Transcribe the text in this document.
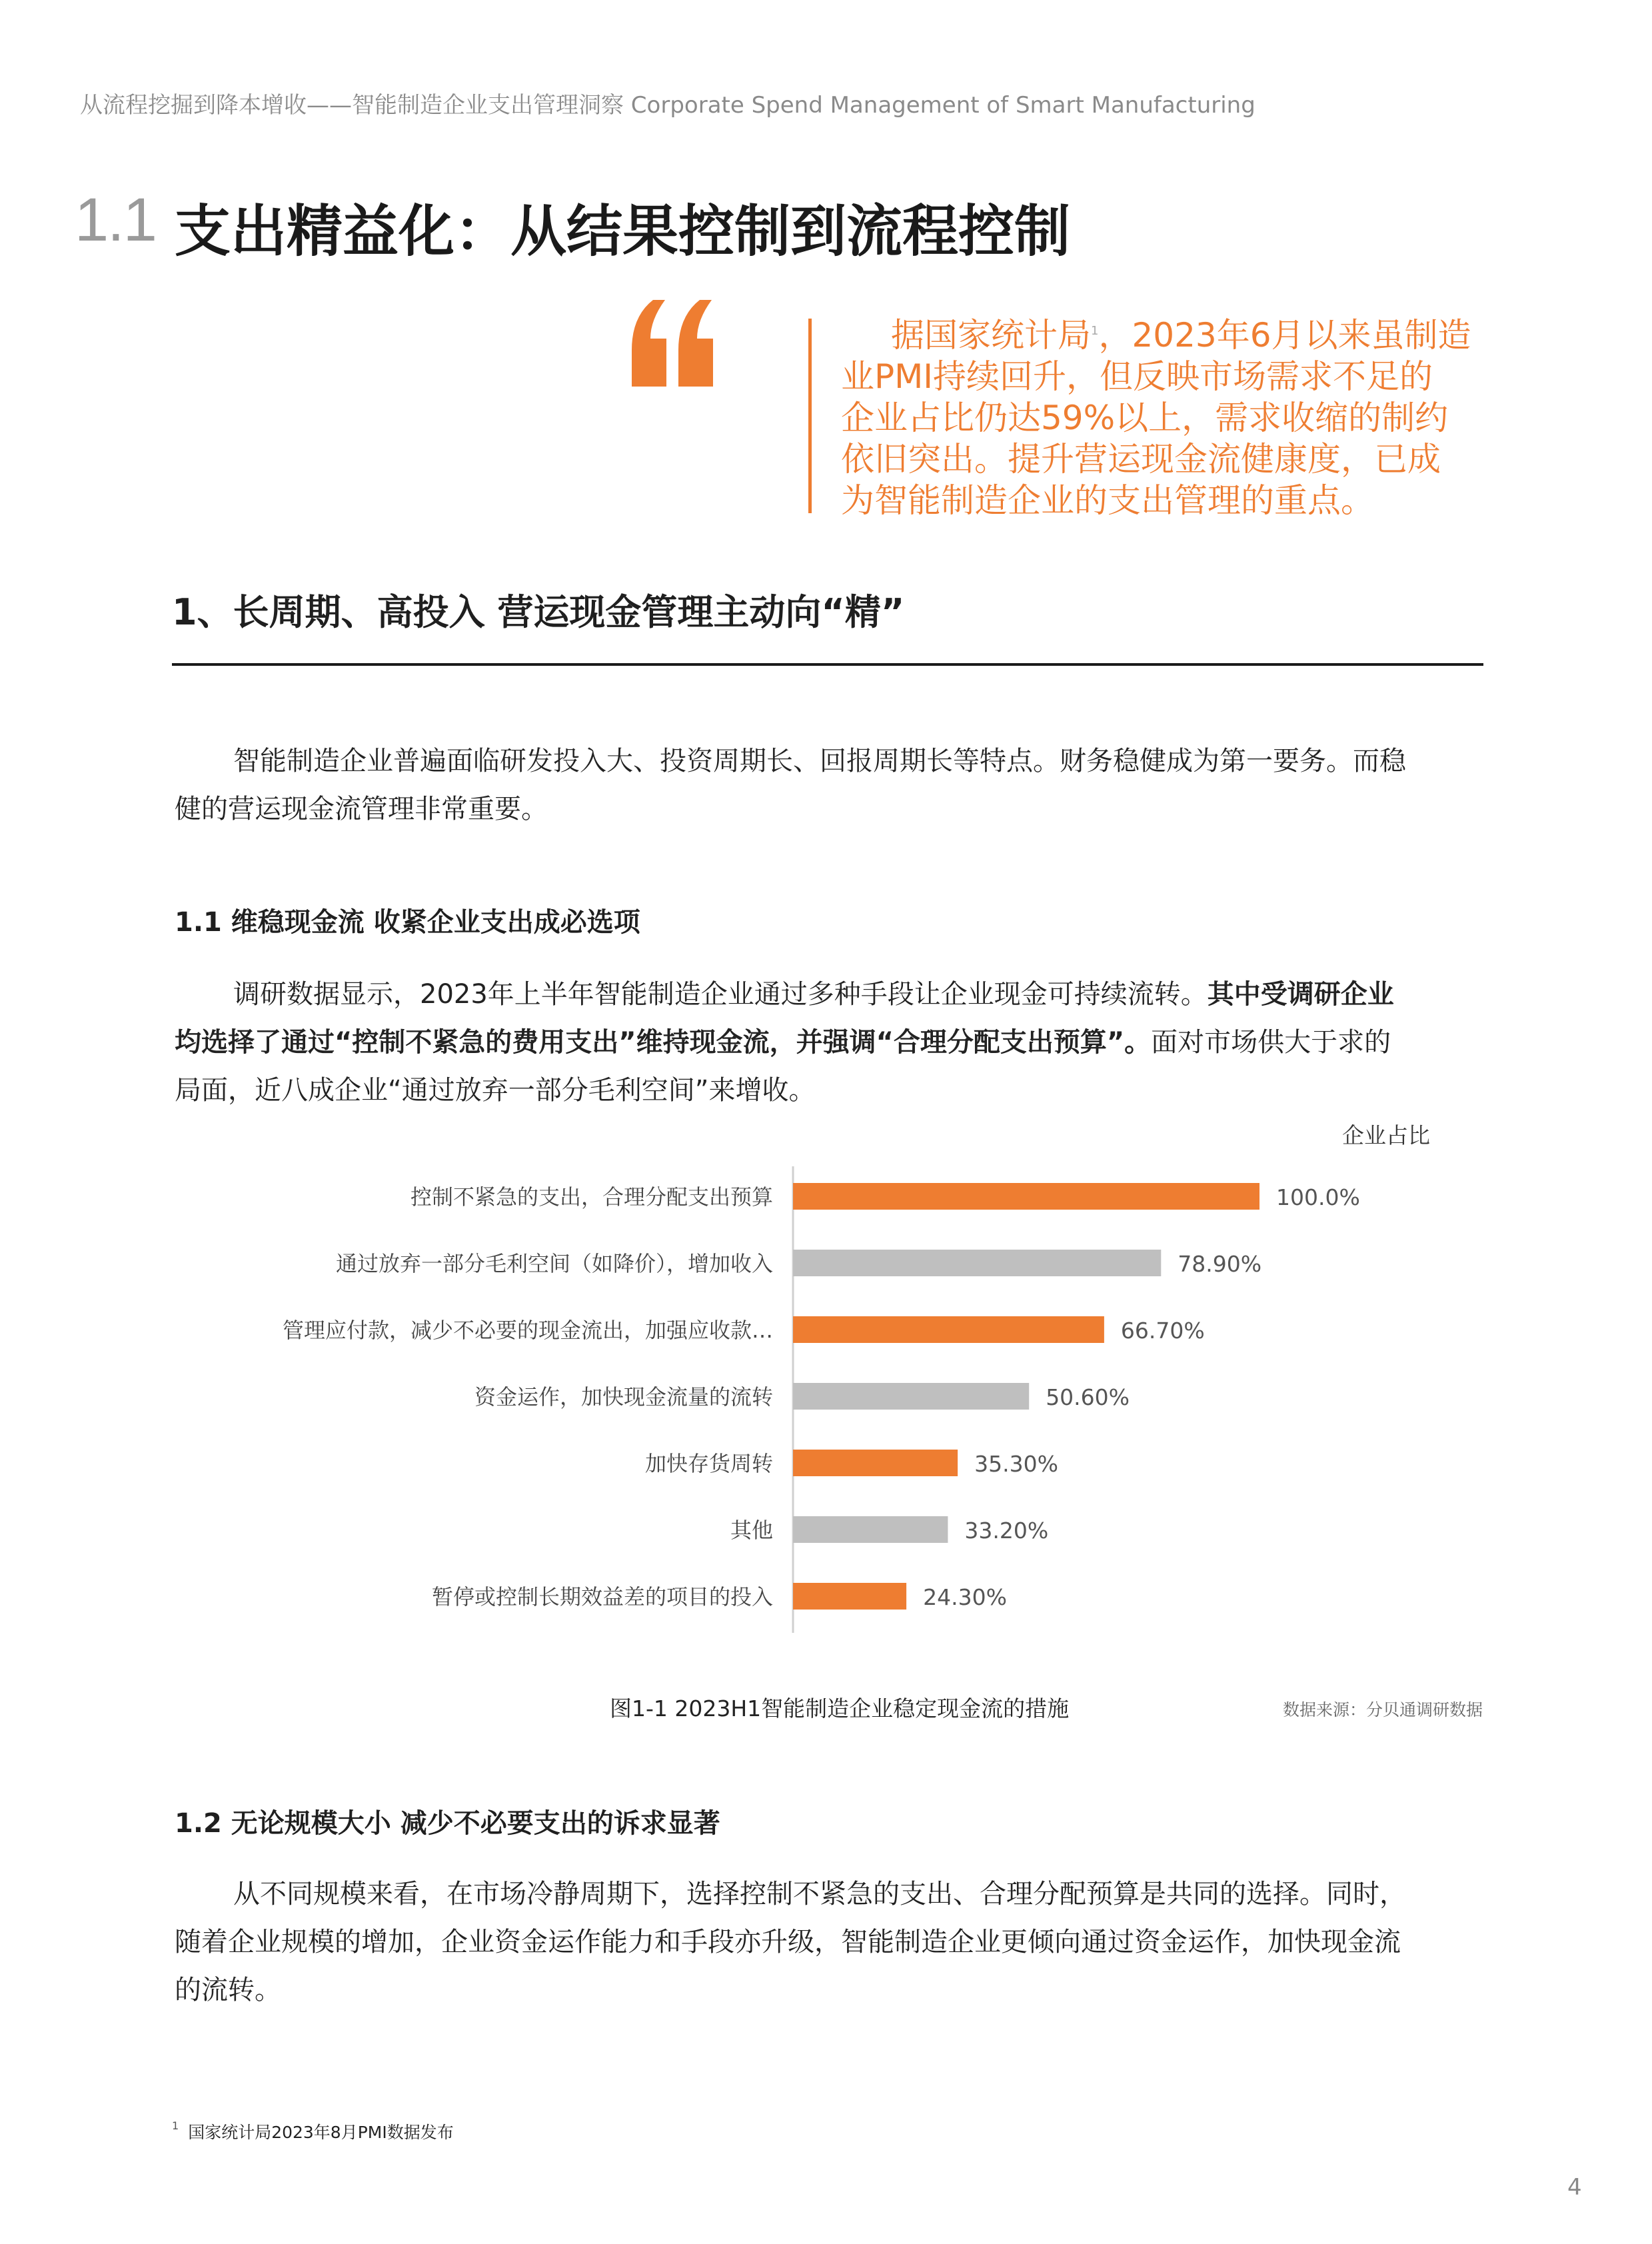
从流程挖掘到降本增收——智能制造企业支出管理洞察 Corporate Spend Management of Smart Manufacturing
1.1 支出精益化：从结果控制到流程控制
据国家统计局$^1$，2023年6月以来虽制造
业PMI持续回升，但反映市场需求不足的
企业占比仍达59%以上，需求收缩的制约
依旧突出。提升营运现金流健康度，已成
为智能制造企业的支出管理的重点。
1、长周期、高投入 营运现金管理主动向“精”
智能制造企业普遍面临研发投入大、投资周期长、回报周期长等特点。财务稳健成为第一要务。而稳
健的营运现金流管理非常重要。
1.1 维稳现金流 收紧企业支出成必选项
调研数据显示，2023年上半年智能制造企业通过多种手段让企业现金可持续流转。其中受调研企业
均选择了通过“控制不紧急的费用支出”维持现金流，并强调“合理分配支出预算”。面对市场供大于求的
局面，近八成企业“通过放弃一部分毛利空间”来增收。
企业占比
控制不紧急的支出，合理分配支出预算	100.0%
通过放弃一部分毛利空间（如降价），增加收入	78.90%
管理应付款，减少不必要的现金流出，加强应收款…	66.70%
资金运作，加快现金流量的流转	50.60%
加快存货周转	35.30%
其他	33.20%
暂停或控制长期效益差的项目的投入	24.30%
图1-1 2023H1智能制造企业稳定现金流的措施	数据来源：分贝通调研数据
1.2 无论规模大小 减少不必要支出的诉求显著
从不同规模来看，在市场冷静周期下，选择控制不紧急的支出、合理分配预算是共同的选择。同时，
随着企业规模的增加，企业资金运作能力和手段亦升级，智能制造企业更倾向通过资金运作，加快现金流
的流转。
$^1$ 国家统计局2023年8月PMI数据发布
4
